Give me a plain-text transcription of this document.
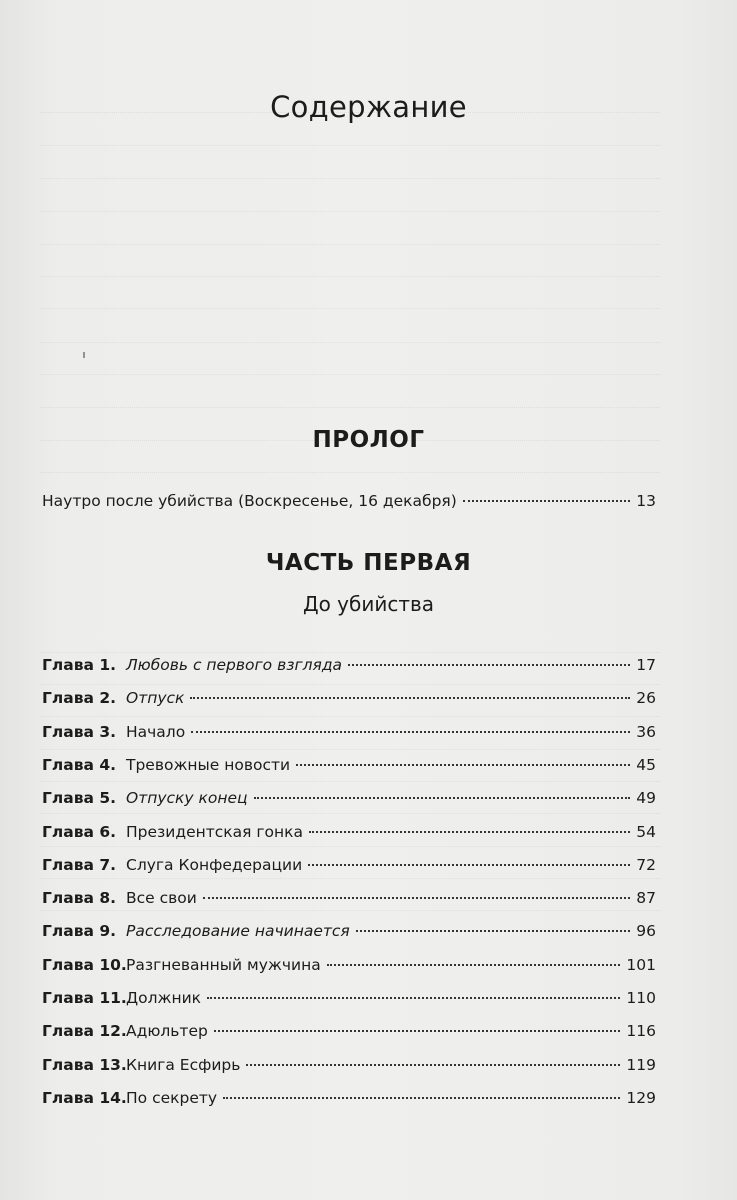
Содержание
ПРОЛОГ
Наутро после убийства (Воскресенье, 16 декабря)	13
ЧАСТЬ ПЕРВАЯ
До убийства
Глава 1. Любовь с первого взгляда	17
Глава 2. Отпуск	26
Глава 3. Начало	36
Глава 4. Тревожные новости	45
Глава 5. Отпуску конец	49
Глава 6. Президентская гонка	54
Глава 7. Слуга Конфедерации	72
Глава 8. Все свои	87
Глава 9. Расследование начинается	96
Глава 10. Разгневанный мужчина	101
Глава 11. Должник	110
Глава 12. Адюльтер	116
Глава 13. Книга Есфирь	119
Глава 14. По секрету	129
